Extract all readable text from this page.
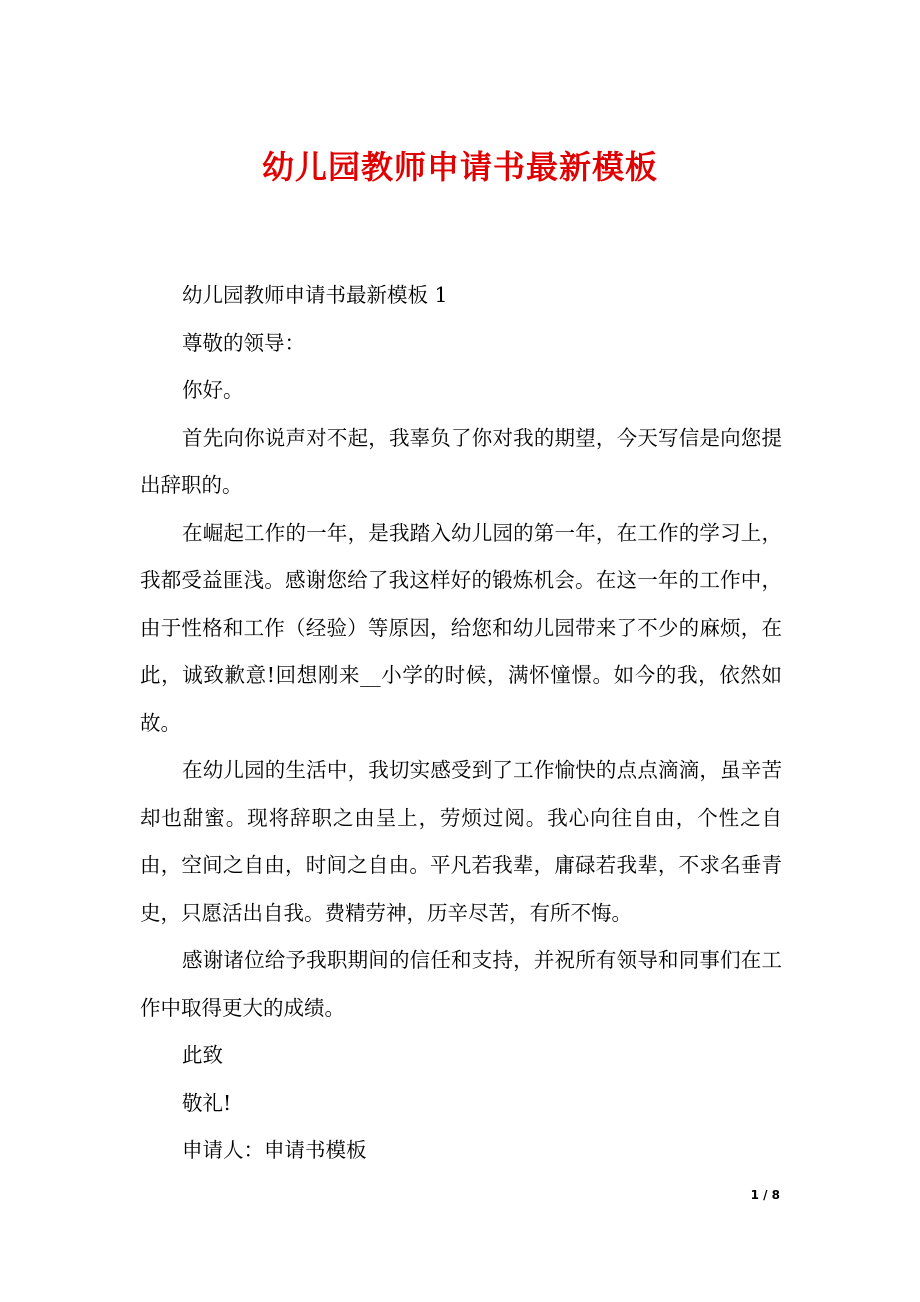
幼儿园教师申请书最新模板

幼儿园教师申请书最新模板 1

尊敬的领导：

你好。

首先向你说声对不起，我辜负了你对我的期望，今天写信是向您提出辞职的。

在崛起工作的一年，是我踏入幼儿园的第一年，在工作的学习上，我都受益匪浅。感谢您给了我这样好的锻炼机会。在这一年的工作中，由于性格和工作（经验）等原因，给您和幼儿园带来了不少的麻烦，在此，诚致歉意!回想刚来__小学的时候，满怀憧憬。如今的我，依然如故。

在幼儿园的生活中，我切实感受到了工作愉快的点点滴滴，虽辛苦却也甜蜜。现将辞职之由呈上，劳烦过阅。我心向往自由，个性之自由，空间之自由，时间之自由。平凡若我辈，庸碌若我辈，不求名垂青史，只愿活出自我。费精劳神，历辛尽苦，有所不悔。

感谢诸位给予我职期间的信任和支持，并祝所有领导和同事们在工作中取得更大的成绩。

此致

敬礼!

申请人：申请书模板

1 / 8
